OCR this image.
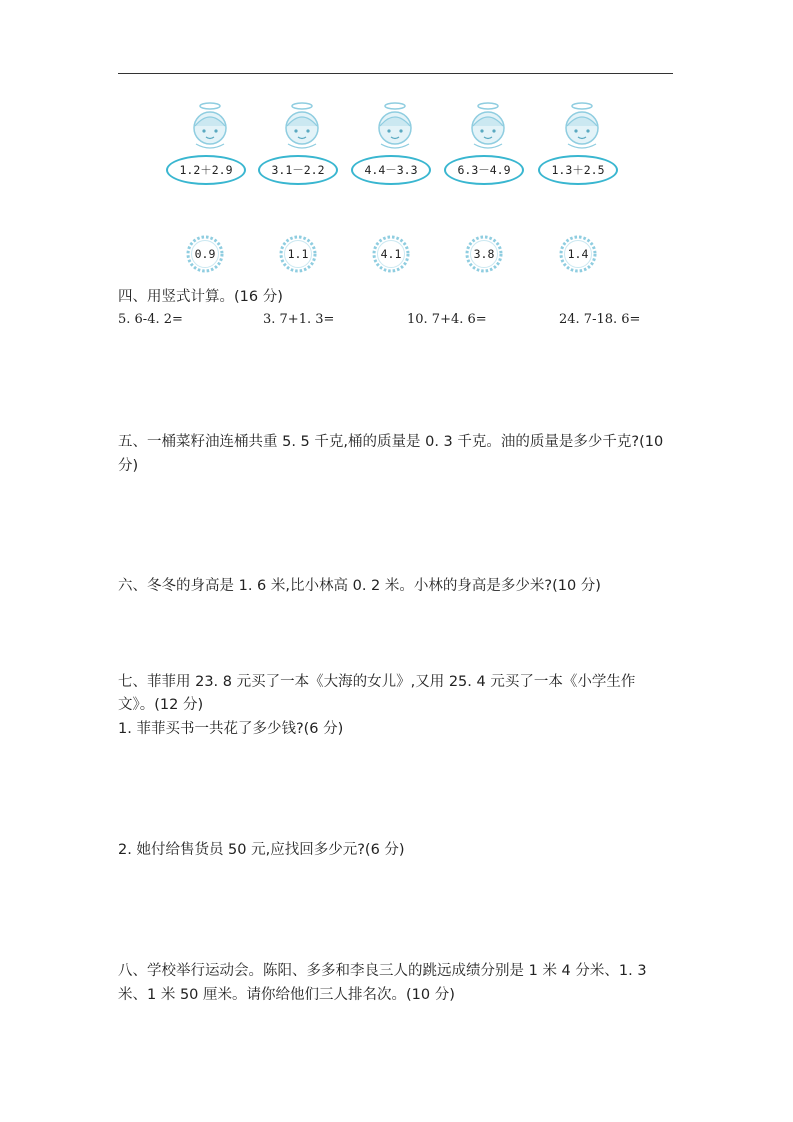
1.2＋2.9	3.1－2.2	4.4－3.3	6.3－4.9	1.3＋2.5
0.9	1.1	4.1	3.8	1.4
四、用竖式计算。(16 分)
5. 6-4. 2=	3. 7+1. 3=	10. 7+4. 6=	24. 7-18. 6=
五、一桶菜籽油连桶共重 5. 5 千克,桶的质量是 0. 3 千克。油的质量是多少千克?(10
分)
六、冬冬的身高是 1. 6 米,比小林高 0. 2 米。小林的身高是多少米?(10 分)
七、菲菲用 23. 8 元买了一本《大海的女儿》,又用 25. 4 元买了一本《小学生作
文》。(12 分)
1. 菲菲买书一共花了多少钱?(6 分)
2. 她付给售货员 50 元,应找回多少元?(6 分)
八、学校举行运动会。陈阳、多多和李良三人的跳远成绩分别是 1 米 4 分米、1. 3
米、1 米 50 厘米。请你给他们三人排名次。(10 分)
